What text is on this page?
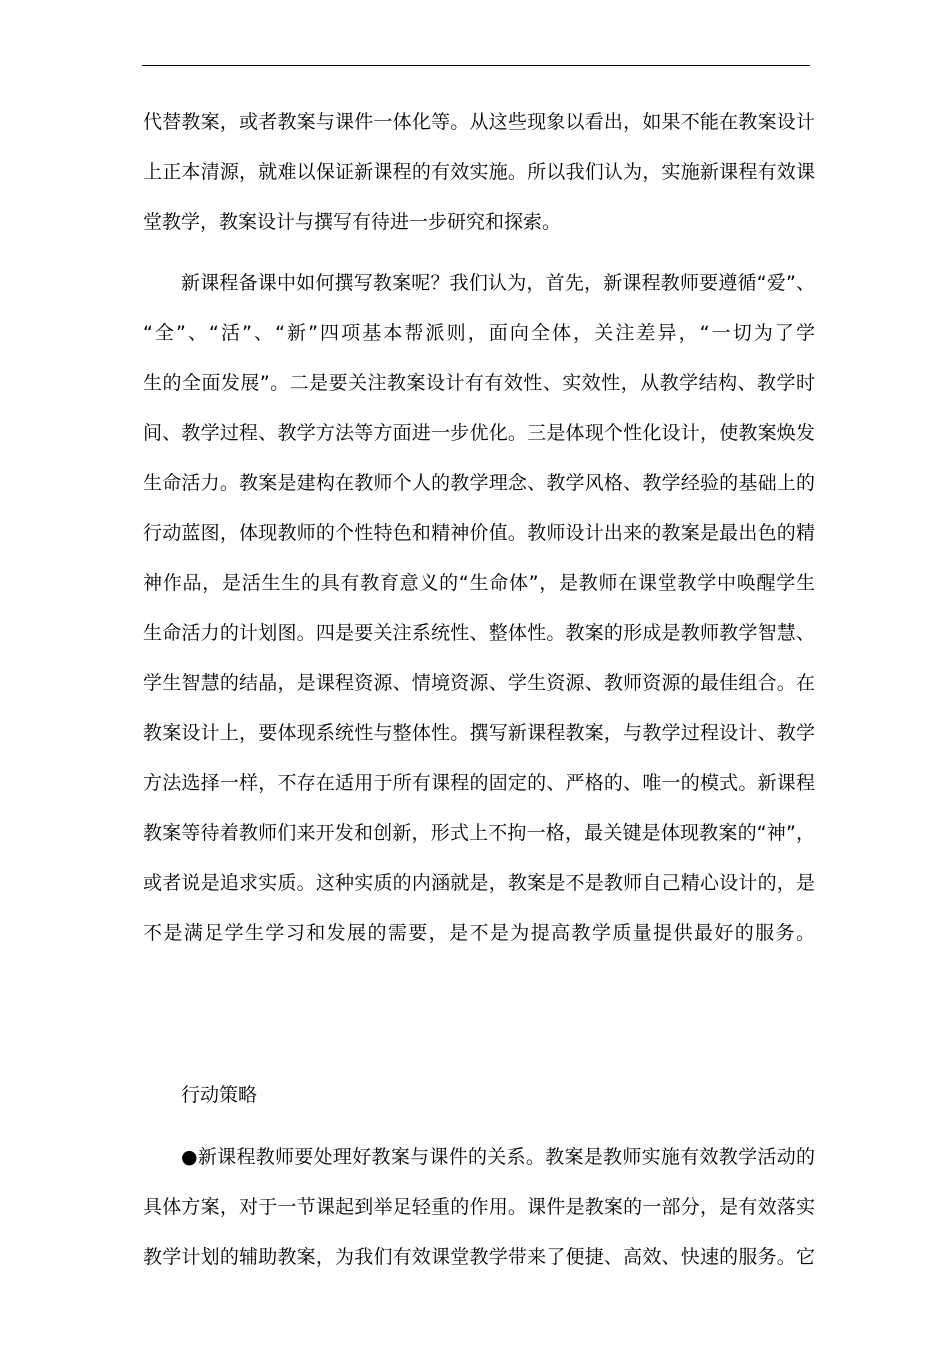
代替教案，或者教案与课件一体化等。从这些现象以看出，如果不能在教案设计
上正本清源，就难以保证新课程的有效实施。所以我们认为，实施新课程有效课
堂教学，教案设计与撰写有待进一步研究和探索。
新课程备课中如何撰写教案呢？我们认为，首先，新课程教师要遵循“爱”、
“全”、“活”、“新”四项基本帮派则，面向全体，关注差异，“一切为了学
生的全面发展”。二是要关注教案设计有有效性、实效性，从教学结构、教学时
间、教学过程、教学方法等方面进一步优化。三是体现个性化设计，使教案焕发
生命活力。教案是建构在教师个人的教学理念、教学风格、教学经验的基础上的
行动蓝图，体现教师的个性特色和精神价值。教师设计出来的教案是最出色的精
神作品，是活生生的具有教育意义的“生命体”，是教师在课堂教学中唤醒学生
生命活力的计划图。四是要关注系统性、整体性。教案的形成是教师教学智慧、
学生智慧的结晶，是课程资源、情境资源、学生资源、教师资源的最佳组合。在
教案设计上，要体现系统性与整体性。撰写新课程教案，与教学过程设计、教学
方法选择一样，不存在适用于所有课程的固定的、严格的、唯一的模式。新课程
教案等待着教师们来开发和创新，形式上不拘一格，最关键是体现教案的“神”，
或者说是追求实质。这种实质的内涵就是，教案是不是教师自己精心设计的，是
不是满足学生学习和发展的需要，是不是为提高教学质量提供最好的服务。
行动策略
●新课程教师要处理好教案与课件的关系。教案是教师实施有效教学活动的
具体方案，对于一节课起到举足轻重的作用。课件是教案的一部分，是有效落实
教学计划的辅助教案，为我们有效课堂教学带来了便捷、高效、快速的服务。它
